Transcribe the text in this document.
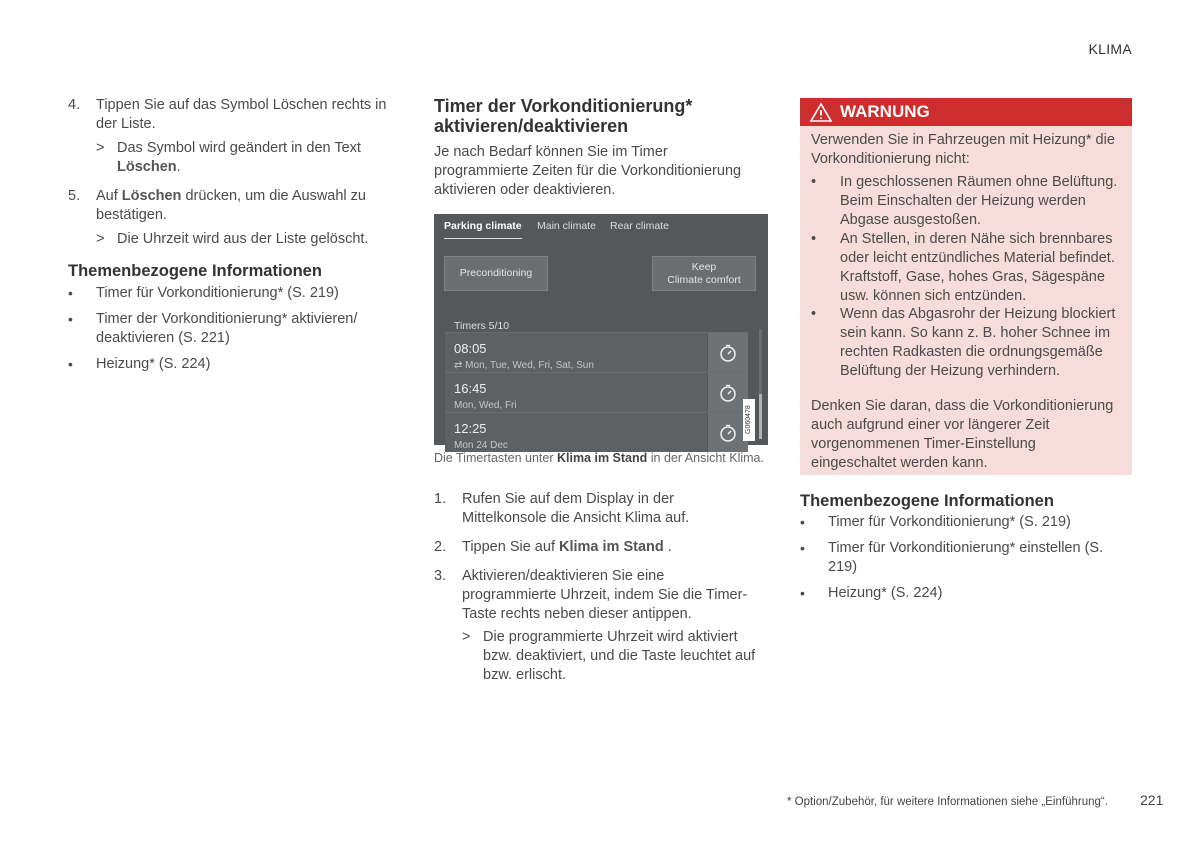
KLIMA
4. Tippen Sie auf das Symbol Löschen rechts in der Liste.
> Das Symbol wird geändert in den Text Löschen.
5. Auf Löschen drücken, um die Auswahl zu bestätigen.
> Die Uhrzeit wird aus der Liste gelöscht.
Themenbezogene Informationen
• Timer für Vorkonditionierung* (S. 219)
• Timer der Vorkonditionierung* aktivieren/ deaktivieren (S. 221)
• Heizung* (S. 224)
Timer der Vorkonditionierung*
aktivieren/deaktivieren
Je nach Bedarf können Sie im Timer programmierte Zeiten für die Vorkonditionierung aktivieren oder deaktivieren.
Parking climate Main climate Rear climate
Preconditioning
Keep
Climate comfort
Timers 5/10
08:05
⇄ Mon, Tue, Wed, Fri, Sat, Sun
16:45
Mon, Wed, Fri
12:25
Mon 24 Dec
G060478
Die Timertasten unter Klima im Stand in der Ansicht Klima.
1. Rufen Sie auf dem Display in der Mittelkonsole die Ansicht Klima auf.
2. Tippen Sie auf Klima im Stand .
3. Aktivieren/deaktivieren Sie eine programmierte Uhrzeit, indem Sie die Timer-Taste rechts neben dieser antippen.
> Die programmierte Uhrzeit wird aktiviert bzw. deaktiviert, und die Taste leuchtet auf bzw. erlischt.
WARNUNG
Verwenden Sie in Fahrzeugen mit Heizung* die Vorkonditionierung nicht:
• In geschlossenen Räumen ohne Belüftung. Beim Einschalten der Heizung werden Abgase ausgestoßen.
• An Stellen, in deren Nähe sich brennbares oder leicht entzündliches Material befindet. Kraftstoff, Gase, hohes Gras, Sägespäne usw. können sich entzünden.
• Wenn das Abgasrohr der Heizung blockiert sein kann. So kann z. B. hoher Schnee im rechten Radkasten die ordnungsgemäße Belüftung der Heizung verhindern.
Denken Sie daran, dass die Vorkonditionierung auch aufgrund einer vor längerer Zeit vorgenommenen Timer-Einstellung eingeschaltet werden kann.
Themenbezogene Informationen
• Timer für Vorkonditionierung* (S. 219)
• Timer für Vorkonditionierung* einstellen (S. 219)
• Heizung* (S. 224)
* Option/Zubehör, für weitere Informationen siehe „Einführung“. 221
